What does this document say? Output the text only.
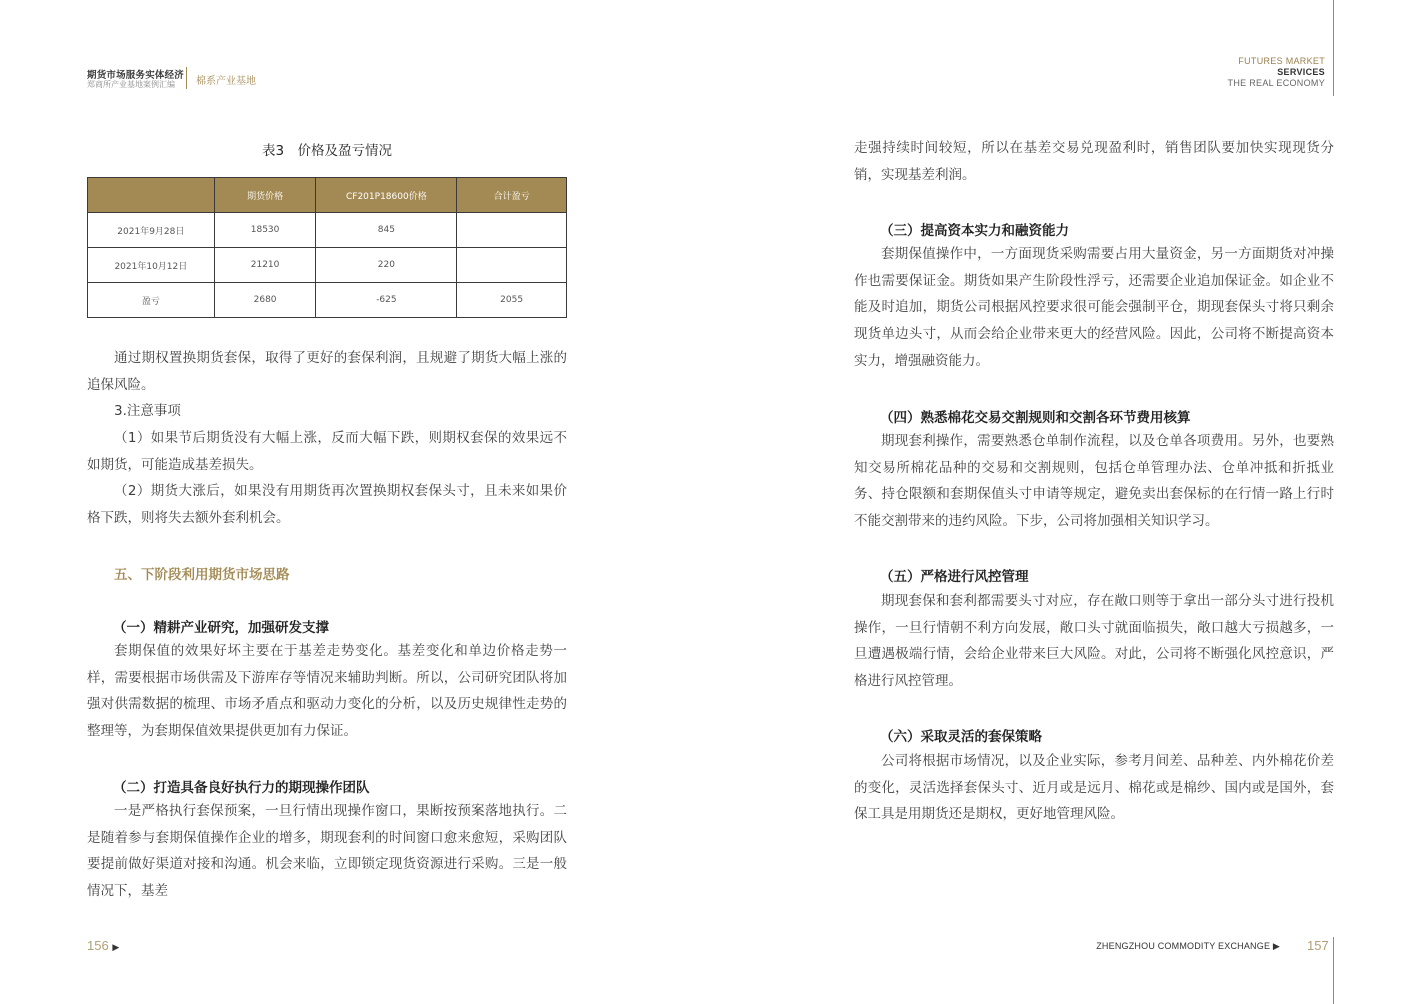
期货市场服务实体经济
郑商所产业基地案例汇编 棉系产业基地
FUTURES MARKET
SERVICES
THE REAL ECONOMY
表3　价格及盈亏情况
	期货价格	CF201P18600价格	合计盈亏
2021年9月28日	18530	845	
2021年10月12日	21210	220	
盈亏	2680	-625	2055
通过期权置换期货套保，取得了更好的套保利润，且规避了期货大幅上涨的追保风险。
3.注意事项
（1）如果节后期货没有大幅上涨，反而大幅下跌，则期权套保的效果远不如期货，可能造成基差损失。
（2）期货大涨后，如果没有用期货再次置换期权套保头寸，且未来如果价格下跌，则将失去额外套利机会。
五、下阶段利用期货市场思路
（一）精耕产业研究，加强研发支撑
套期保值的效果好坏主要在于基差走势变化。基差变化和单边价格走势一样，需要根据市场供需及下游库存等情况来辅助判断。所以，公司研究团队将加强对供需数据的梳理、市场矛盾点和驱动力变化的分析，以及历史规律性走势的整理等，为套期保值效果提供更加有力保证。
（二）打造具备良好执行力的期现操作团队
一是严格执行套保预案，一旦行情出现操作窗口，果断按预案落地执行。二是随着参与套期保值操作企业的增多，期现套利的时间窗口愈来愈短，采购团队要提前做好渠道对接和沟通。机会来临，立即锁定现货资源进行采购。三是一般情况下，基差
走强持续时间较短，所以在基差交易兑现盈利时，销售团队要加快实现现货分销，实现基差利润。
（三）提高资本实力和融资能力
套期保值操作中，一方面现货采购需要占用大量资金，另一方面期货对冲操作也需要保证金。期货如果产生阶段性浮亏，还需要企业追加保证金。如企业不能及时追加，期货公司根据风控要求很可能会强制平仓，期现套保头寸将只剩余现货单边头寸，从而会给企业带来更大的经营风险。因此，公司将不断提高资本实力，增强融资能力。
（四）熟悉棉花交易交割规则和交割各环节费用核算
期现套利操作，需要熟悉仓单制作流程，以及仓单各项费用。另外，也要熟知交易所棉花品种的交易和交割规则，包括仓单管理办法、仓单冲抵和折抵业务、持仓限额和套期保值头寸申请等规定，避免卖出套保标的在行情一路上行时不能交割带来的违约风险。下步，公司将加强相关知识学习。
（五）严格进行风控管理
期现套保和套利都需要头寸对应，存在敞口则等于拿出一部分头寸进行投机操作，一旦行情朝不利方向发展，敞口头寸就面临损失，敞口越大亏损越多，一旦遭遇极端行情，会给企业带来巨大风险。对此，公司将不断强化风控意识，严格进行风控管理。
（六）采取灵活的套保策略
公司将根据市场情况，以及企业实际，参考月间差、品种差、内外棉花价差的变化，灵活选择套保头寸、近月或是远月、棉花或是棉纱、国内或是国外，套保工具是用期货还是期权，更好地管理风险。
156 ▶	ZHENGZHOU COMMODITY EXCHANGE ▶ 157
